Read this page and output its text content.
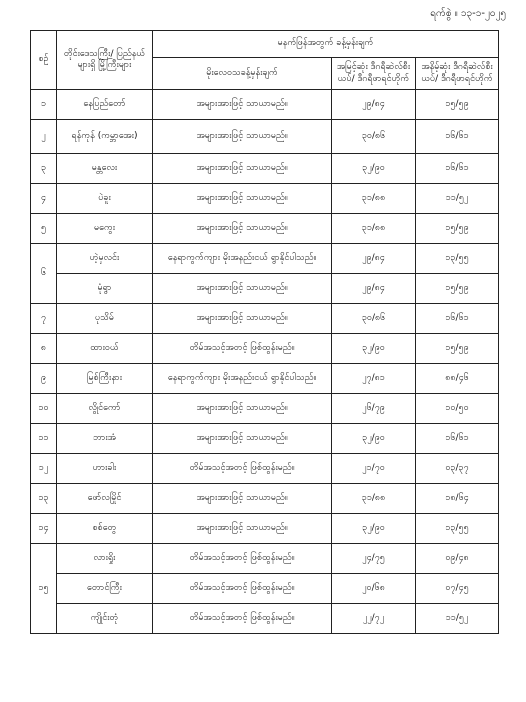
ရက်စွဲ ။ ၁၃-၁-၂၀၂၅
စဉ်	တိုင်းဒေသကြီး/ ပြည်နယ်များရှိ မြို့ကြီးများ	မနက်ဖြန်အတွက် ခန့်မှန်းချက်		
		မိုးလေဝသခန့်မှန်းချက်	အမြင့်ဆုံး ဒီဂရီဆဲလ်စီးယပ်/ ဒီဂရီဖာရင်ဟိုက်	အနိမ့်ဆုံး ဒီဂရီဆဲလ်စီးယပ်/ ဒီဂရီဖာရင်ဟိုက်
၁	နေပြည်တော်	အများအားဖြင့် သာယာမည်။	၂၉/၈၄	၁၅/၅၉
၂	ရန်ကုန် (ကမ္ဘာအေး)	အများအားဖြင့် သာယာမည်။	၃၀/၈၆	၁၆/၆၁
၃	မန္တလေး	အများအားဖြင့် သာယာမည်။	၃၂/၉၀	၁၆/၆၁
၄	ပဲခူး	အများအားဖြင့် သာယာမည်။	၃၁/၈၈	၁၁/၅၂
၅	မကွေး	အများအားဖြင့် သာယာမည်။	၃၁/၈၈	၁၅/၅၉
၆	ဟဲ့မှလင်း	နေရာကွက်ကျား မိုးအနည်းငယ် ရွာနိုင်ပါသည်။	၂၉/၈၄	၁၃/၅၅
	မုံရွာ	အများအားဖြင့် သာယာမည်။	၂၉/၈၄	၁၅/၅၉
၇	ပုသိမ်	အများအားဖြင့် သာယာမည်။	၃၀/၈၆	၁၆/၆၁
၈	ထားဝယ်	တိမ်အသင့်အတင့် ဖြစ်ထွန်းမည်။	၃၂/၉၀	၁၅/၅၉
၉	မြစ်ကြီးနား	နေရာကွက်ကျား မိုးအနည်းငယ် ရွာနိုင်ပါသည်။	၂၇/၈၁	၈၈/၄၆
၁၀	လွိုင်ကော်	အများအားဖြင့် သာယာမည်။	၂၆/၇၉	၁၀/၅၀
၁၁	ဘားအံ	အများအားဖြင့် သာယာမည်။	၃၂/၉၀	၁၆/၆၁
၁၂	ဟားခါး	တိမ်အသင့်အတင့် ဖြစ်ထွန်းမည်။	၂၁/၇၀	၀၃/၃၇
၁၃	ဖော်လမြိုင်	အများအားဖြင့် သာယာမည်။	၃၁/၈၈	၁၈/၆၄
၁၄	စစ်တွေ	အများအားဖြင့် သာယာမည်။	၃၂/၉၀	၁၃/၅၅
၁၅	လားရှိုး	တိမ်အသင့်အတင့် ဖြစ်ထွန်းမည်။	၂၄/၇၅	၀၉/၄၈
	တောင်ကြီး	တိမ်အသင့်အတင့် ဖြစ်ထွန်းမည်။	၂၀/၆၈	၀၇/၄၅
	ကျိုင်းတုံ	တိမ်အသင့်အတင့် ဖြစ်ထွန်းမည်။	၂၂/၇၂	၁၁/၅၂
